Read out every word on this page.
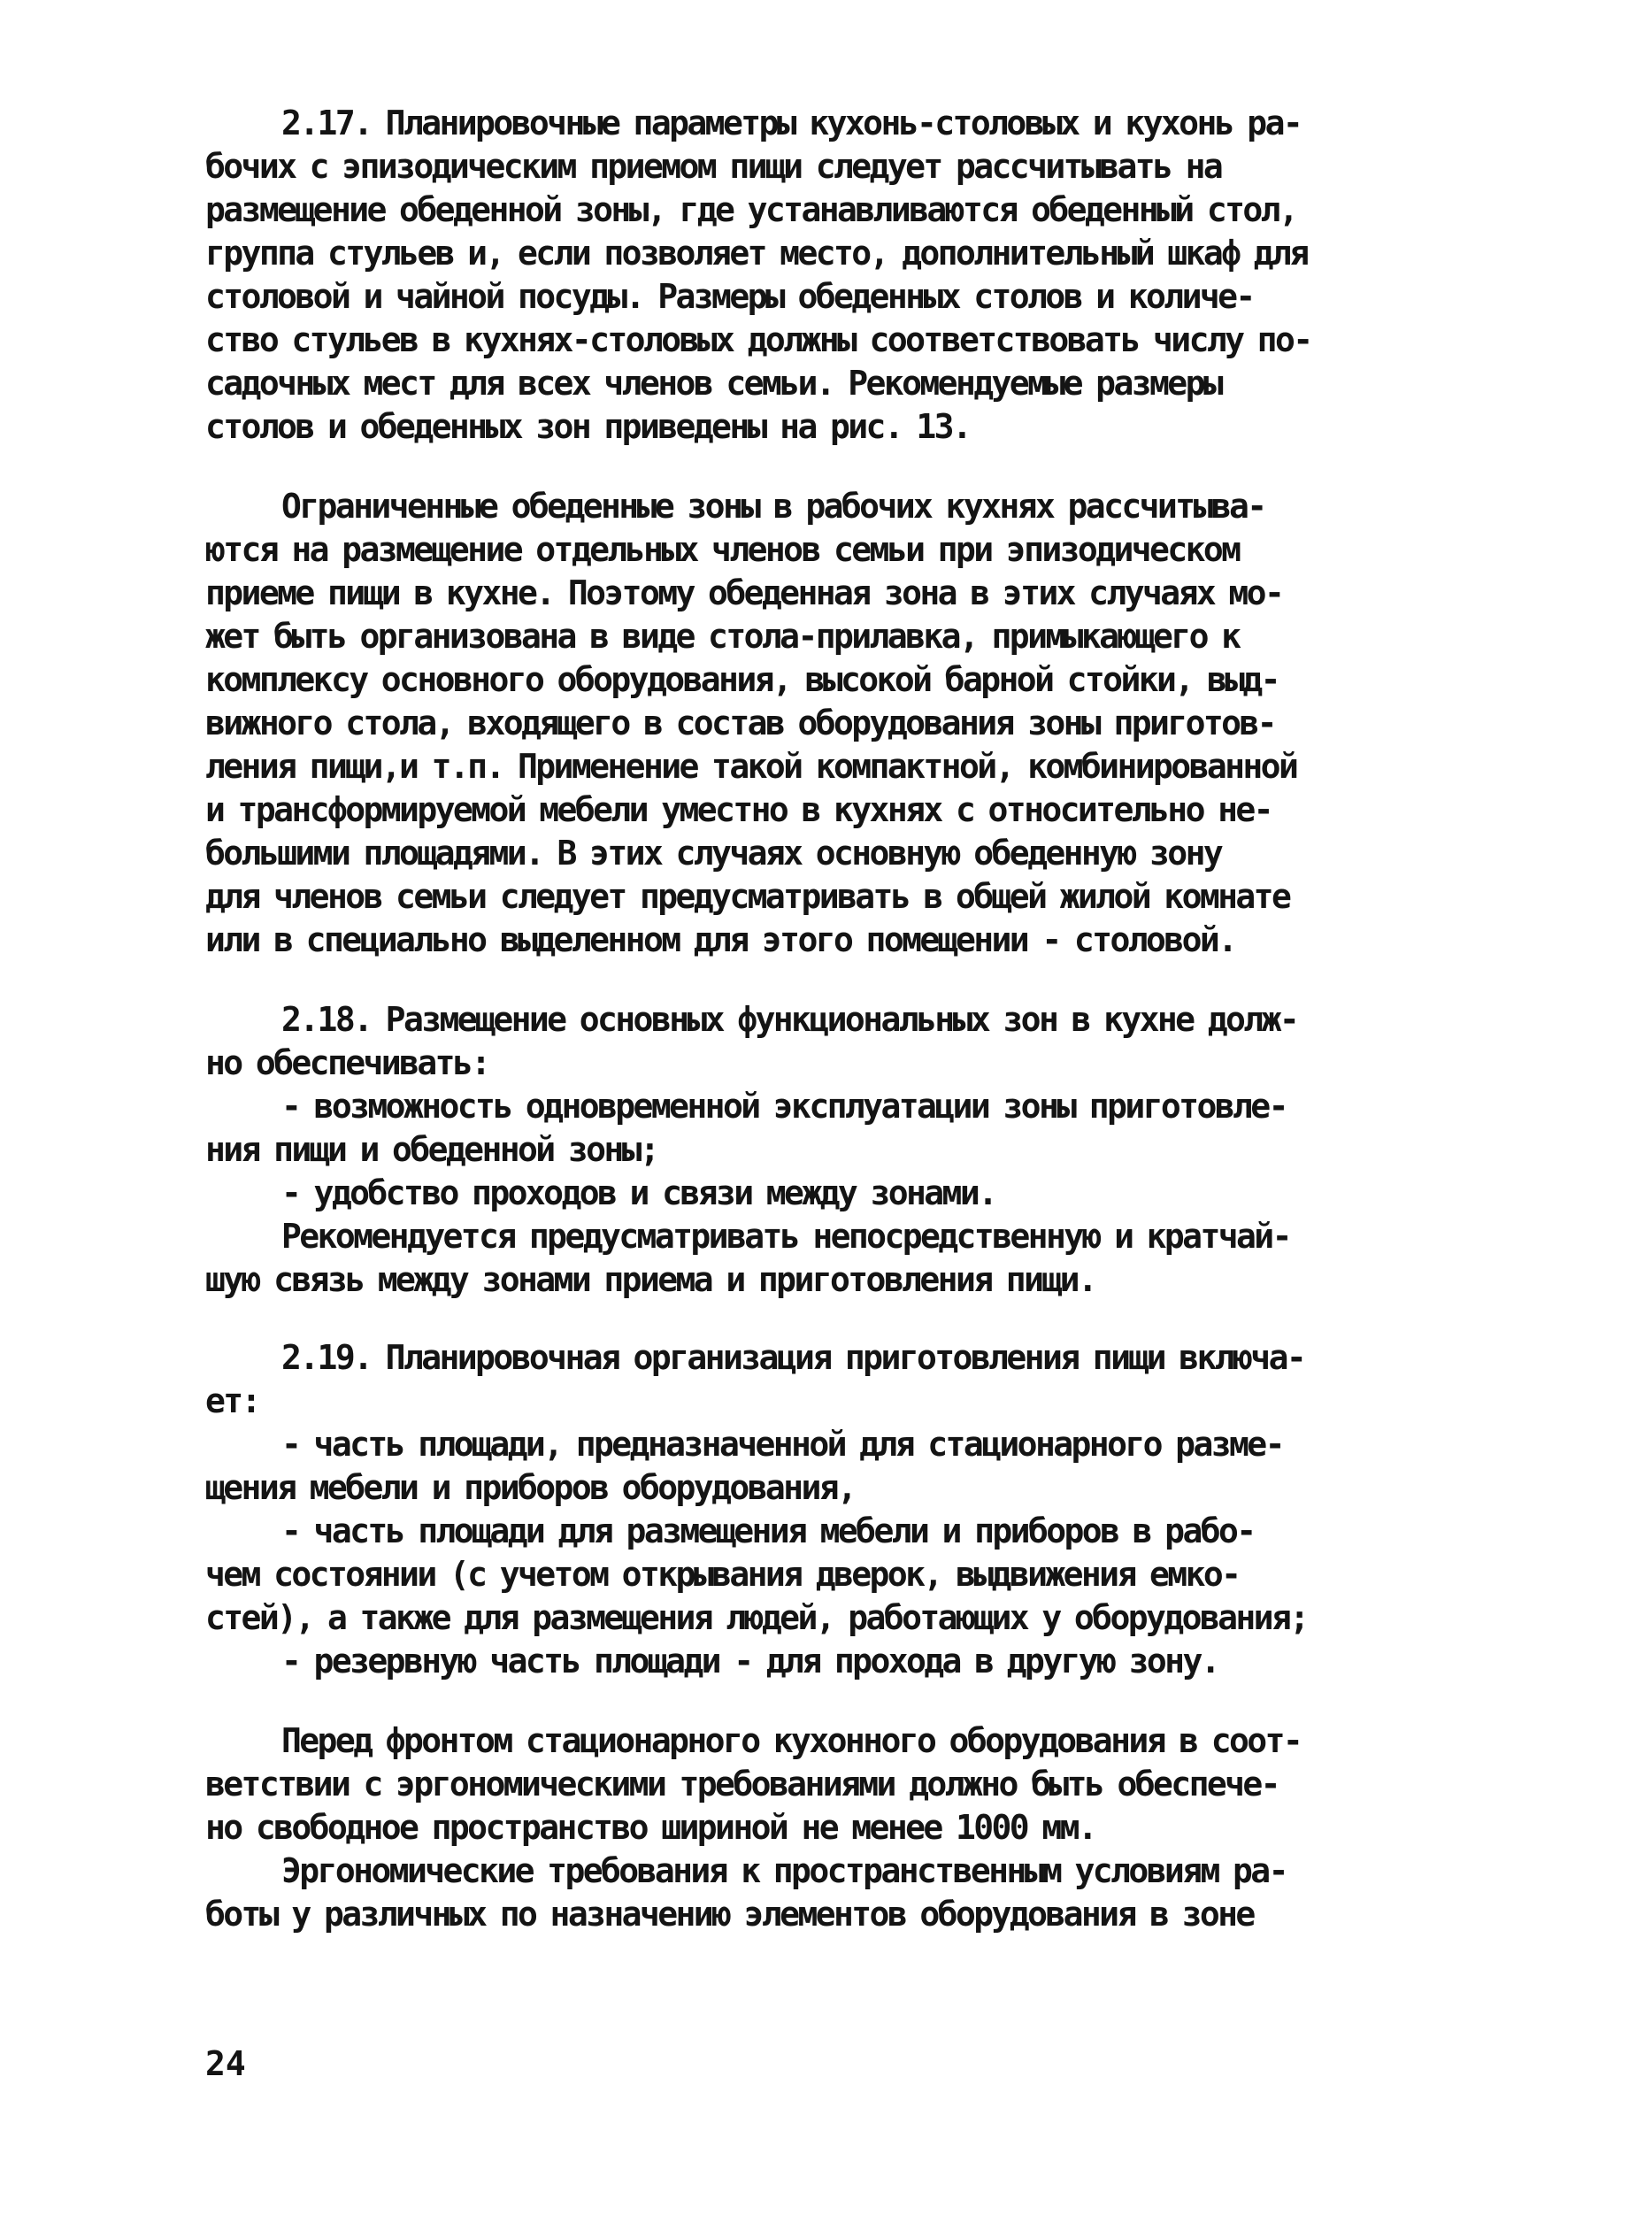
2.17. Планировочные параметры кухонь-столовых и кухонь ра-
бочих с эпизодическим приемом пищи следует рассчитывать на
размещение обеденной зоны, где устанавливаются обеденный стол,
группа стульев и, если позволяет место, дополнительный шкаф для
столовой и чайной посуды. Размеры обеденных столов и количе-
ство стульев в кухнях-столовых должны соответствовать числу по-
садочных мест для всех членов семьи. Рекомендуемые размеры
столов и обеденных зон приведены на рис. 13.
Ограниченные обеденные зоны в рабочих кухнях рассчитыва-
ются на размещение отдельных членов семьи при эпизодическом
приеме пищи в кухне. Поэтому обеденная зона в этих случаях мо-
жет быть организована в виде стола-прилавка, примыкающего к
комплексу основного оборудования, высокой барной стойки, выд-
вижного стола, входящего в состав оборудования зоны приготов-
ления пищи,и т.п. Применение такой компактной, комбинированной
и трансформируемой мебели уместно в кухнях с относительно не-
большими площадями. В этих случаях основную обеденную зону
для членов семьи следует предусматривать в общей жилой комнате
или в специально выделенном для этого помещении - столовой.
2.18. Размещение основных функциональных зон в кухне долж-
но обеспечивать:
- возможность одновременной эксплуатации зоны приготовле-
ния пищи и обеденной зоны;
- удобство проходов и связи между зонами.
Рекомендуется предусматривать непосредственную и кратчай-
шую связь между зонами приема и приготовления пищи.
2.19. Планировочная организация приготовления пищи включа-
ет:
- часть площади, предназначенной для стационарного разме-
щения мебели и приборов оборудования,
- часть площади для размещения мебели и приборов в рабо-
чем состоянии (с учетом открывания дверок, выдвижения емко-
стей), а также для размещения людей, работающих у оборудования;
- резервную часть площади - для прохода в другую зону.
Перед фронтом стационарного кухонного оборудования в соот-
ветствии с эргономическими требованиями должно быть обеспече-
но свободное пространство шириной не менее 1000 мм.
Эргономические требования к пространственным условиям ра-
боты у различных по назначению элементов оборудования в зоне
24
